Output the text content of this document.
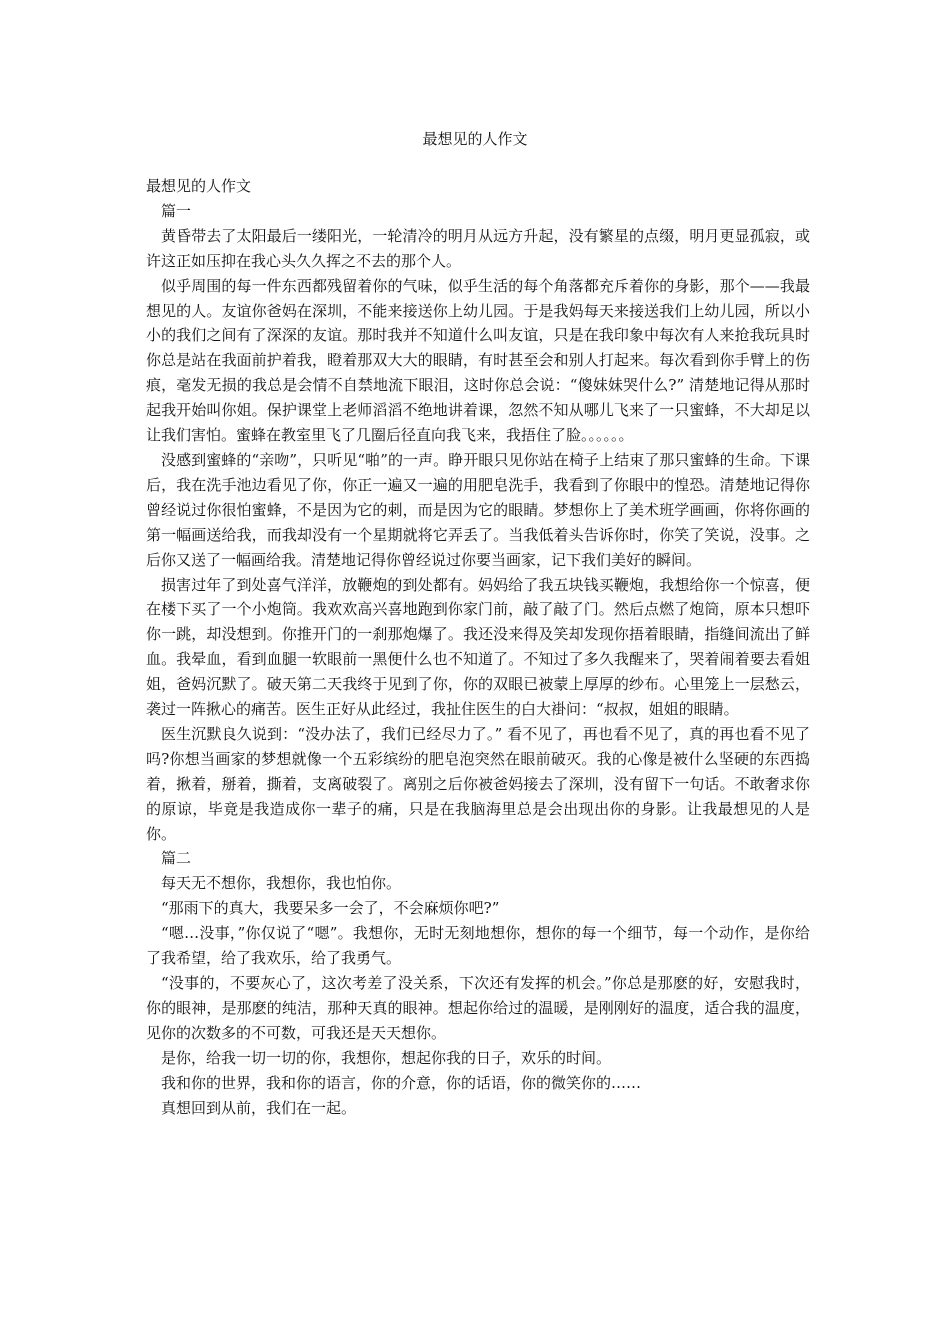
最想见的人作文

最想见的人作文

篇一

黄昏带去了太阳最后一缕阳光，一轮清冷的明月从远方升起，没有繁星的点缀，明月更显孤寂，或许这正如压抑在我心头久久挥之不去的那个人。

似乎周围的每一件东西都残留着你的气味，似乎生活的每个角落都充斥着你的身影，那个——我最想见的人。友谊你爸妈在深圳，不能来接送你上幼儿园。于是我妈每天来接送我们上幼儿园，所以小小的我们之间有了深深的友谊。那时我并不知道什么叫友谊，只是在我印象中每次有人来抢我玩具时你总是站在我面前护着我，瞪着那双大大的眼睛，有时甚至会和别人打起来。每次看到你手臂上的伤痕，毫发无损的我总是会情不自禁地流下眼泪，这时你总会说：“傻妹妹哭什么?” 清楚地记得从那时起我开始叫你姐。保护课堂上老师滔滔不绝地讲着课，忽然不知从哪儿飞来了一只蜜蜂，不大却足以让我们害怕。蜜蜂在教室里飞了几圈后径直向我飞来，我捂住了脸。。。。。。

没感到蜜蜂的“亲吻”，只听见“啪”的一声。睁开眼只见你站在椅子上结束了那只蜜蜂的生命。下课后，我在洗手池边看见了你，你正一遍又一遍的用肥皂洗手，我看到了你眼中的惶恐。清楚地记得你曾经说过你很怕蜜蜂，不是因为它的刺，而是因为它的眼睛。梦想你上了美术班学画画，你将你画的第一幅画送给我，而我却没有一个星期就将它弄丢了。当我低着头告诉你时，你笑了笑说，没事。之后你又送了一幅画给我。清楚地记得你曾经说过你要当画家，记下我们美好的瞬间。

损害过年了到处喜气洋洋，放鞭炮的到处都有。妈妈给了我五块钱买鞭炮，我想给你一个惊喜，便在楼下买了一个小炮筒。我欢欢高兴喜地跑到你家门前，敲了敲了门。然后点燃了炮筒，原本只想吓你一跳，却没想到。你推开门的一刹那炮爆了。我还没来得及笑却发现你捂着眼睛，指缝间流出了鲜血。我晕血，看到血腿一软眼前一黑便什么也不知道了。不知过了多久我醒来了，哭着闹着要去看姐姐，爸妈沉默了。破天第二天我终于见到了你，你的双眼已被蒙上厚厚的纱布。心里笼上一层愁云，袭过一阵揪心的痛苦。医生正好从此经过，我扯住医生的白大褂问：“叔叔，姐姐的眼睛。

医生沉默良久说到：“没办法了，我们已经尽力了。” 看不见了，再也看不见了，真的再也看不见了吗?你想当画家的梦想就像一个五彩缤纷的肥皂泡突然在眼前破灭。我的心像是被什么坚硬的东西捣着，揪着，掰着，撕着，支离破裂了。离别之后你被爸妈接去了深圳，没有留下一句话。不敢奢求你的原谅，毕竟是我造成你一辈子的痛，只是在我脑海里总是会出现出你的身影。让我最想见的人是你。

篇二

每天无不想你，我想你，我也怕你。

“那雨下的真大，我要呆多一会了，不会麻烦你吧?”

“嗯…没事，”你仅说了“嗯”。我想你，无时无刻地想你，想你的每一个细节，每一个动作，是你给了我希望，给了我欢乐，给了我勇气。

“没事的，不要灰心了，这次考差了没关系，下次还有发挥的机会。”你总是那麽的好，安慰我时，你的眼神，是那麽的纯洁，那种天真的眼神。想起你给过的温暖，是刚刚好的温度，适合我的温度，见你的次数多的不可数，可我还是天天想你。

是你，给我一切一切的你，我想你，想起你我的日子，欢乐的时间。

我和你的世界，我和你的语言，你的介意，你的话语，你的微笑你的……

真想回到从前，我们在一起。
